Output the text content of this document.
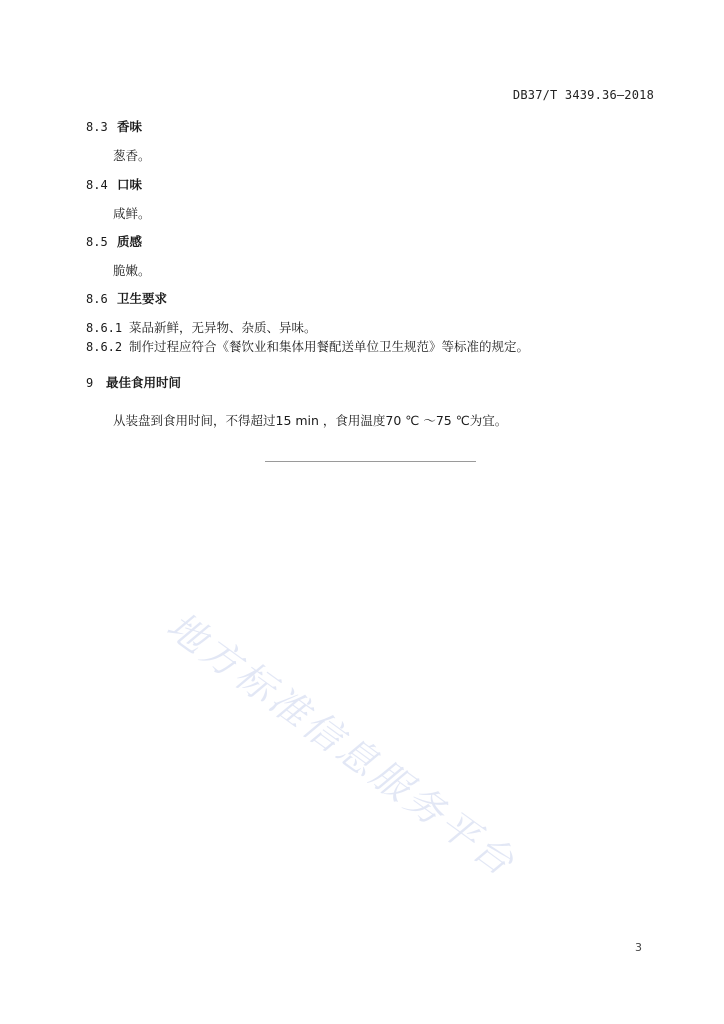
DB37/T 3439.36—2018
8.3 香味
葱香。
8.4 口味
咸鲜。
8.5 质感
脆嫩。
8.6 卫生要求
8.6.1 菜品新鲜，无异物、杂质、异味。
8.6.2 制作过程应符合《餐饮业和集体用餐配送单位卫生规范》等标准的规定。
9 最佳食用时间
从装盘到食用时间，不得超过15 min ，食用温度70 ℃ ～75 ℃为宜。
地方标准信息服务平台
3
